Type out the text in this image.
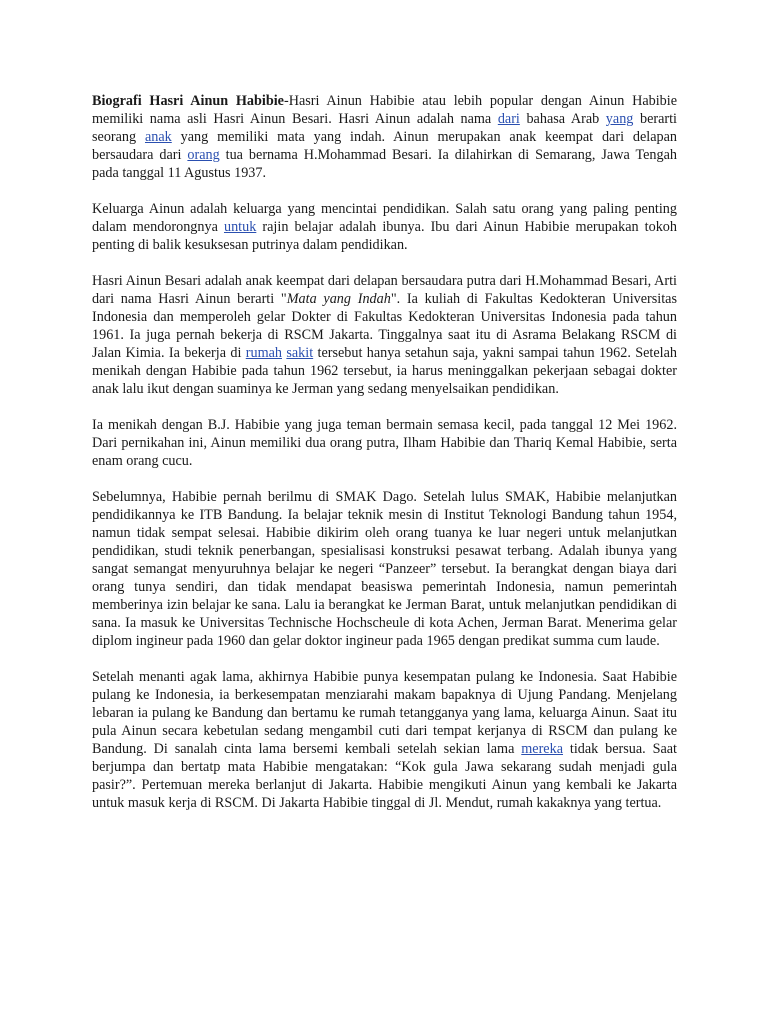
Biografi Hasri Ainun Habibie-Hasri Ainun Habibie atau lebih popular dengan Ainun Habibie memiliki nama asli Hasri Ainun Besari. Hasri Ainun adalah nama dari bahasa Arab yang berarti seorang anak yang memiliki mata yang indah. Ainun merupakan anak keempat dari delapan bersaudara dari orang tua bernama H.Mohammad Besari. Ia dilahirkan di Semarang, Jawa Tengah pada tanggal 11 Agustus 1937.

Keluarga Ainun adalah keluarga yang mencintai pendidikan. Salah satu orang yang paling penting dalam mendorongnya untuk rajin belajar adalah ibunya. Ibu dari Ainun Habibie merupakan tokoh penting di balik kesuksesan putrinya dalam pendidikan.

Hasri Ainun Besari adalah anak keempat dari delapan bersaudara putra dari H.Mohammad Besari, Arti dari nama Hasri Ainun berarti "Mata yang Indah". Ia kuliah di Fakultas Kedokteran Universitas Indonesia dan memperoleh gelar Dokter di Fakultas Kedokteran Universitas Indonesia pada tahun 1961. Ia juga pernah bekerja di RSCM Jakarta. Tinggalnya saat itu di Asrama Belakang RSCM di Jalan Kimia. Ia bekerja di rumah sakit tersebut hanya setahun saja, yakni sampai tahun 1962. Setelah menikah dengan Habibie pada tahun 1962 tersebut, ia harus meninggalkan pekerjaan sebagai dokter anak lalu ikut dengan suaminya ke Jerman yang sedang menyelsaikan pendidikan.

Ia menikah dengan B.J. Habibie yang juga teman bermain semasa kecil, pada tanggal 12 Mei 1962. Dari pernikahan ini, Ainun memiliki dua orang putra, Ilham Habibie dan Thariq Kemal Habibie, serta enam orang cucu.

Sebelumnya, Habibie pernah berilmu di SMAK Dago. Setelah lulus SMAK, Habibie melanjutkan pendidikannya ke ITB Bandung. Ia belajar teknik mesin di Institut Teknologi Bandung tahun 1954, namun tidak sempat selesai. Habibie dikirim oleh orang tuanya ke luar negeri untuk melanjutkan pendidikan, studi teknik penerbangan, spesialisasi konstruksi pesawat terbang. Adalah ibunya yang sangat semangat menyuruhnya belajar ke negeri “Panzeer” tersebut. Ia berangkat dengan biaya dari orang tunya sendiri, dan tidak mendapat beasiswa pemerintah Indonesia, namun pemerintah memberinya izin belajar ke sana. Lalu ia berangkat ke Jerman Barat, untuk melanjutkan pendidikan di sana. Ia masuk ke Universitas Technische Hochscheule di kota Achen, Jerman Barat. Menerima gelar diplom ingineur pada 1960 dan gelar doktor ingineur pada 1965 dengan predikat summa cum laude.

Setelah menanti agak lama, akhirnya Habibie punya kesempatan pulang ke Indonesia. Saat Habibie pulang ke Indonesia, ia berkesempatan menziarahi makam bapaknya di Ujung Pandang. Menjelang lebaran ia pulang ke Bandung dan bertamu ke rumah tetangganya yang lama, keluarga Ainun. Saat itu pula Ainun secara kebetulan sedang mengambil cuti dari tempat kerjanya di RSCM dan pulang ke Bandung. Di sanalah cinta lama bersemi kembali setelah sekian lama mereka tidak bersua. Saat berjumpa dan bertatp mata Habibie mengatakan: “Kok gula Jawa sekarang sudah menjadi gula pasir?”. Pertemuan mereka berlanjut di Jakarta. Habibie mengikuti Ainun yang kembali ke Jakarta untuk masuk kerja di RSCM. Di Jakarta Habibie tinggal di Jl. Mendut, rumah kakaknya yang tertua.
